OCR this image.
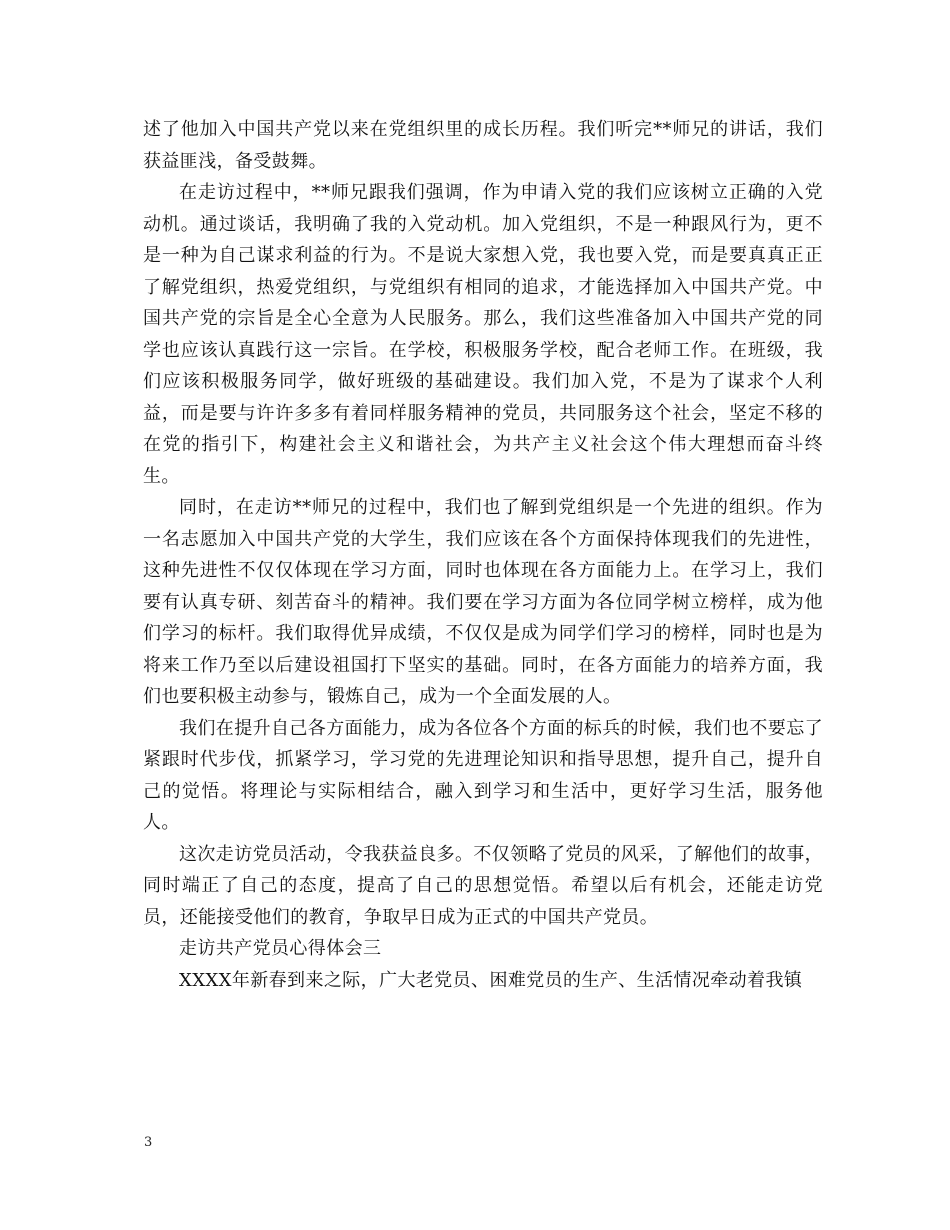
述了他加入中国共产党以来在党组织里的成长历程。我们听完**师兄的讲话，我们获益匪浅，备受鼓舞。

在走访过程中，**师兄跟我们强调，作为申请入党的我们应该树立正确的入党动机。通过谈话，我明确了我的入党动机。加入党组织，不是一种跟风行为，更不是一种为自己谋求利益的行为。不是说大家想入党，我也要入党，而是要真真正正了解党组织，热爱党组织，与党组织有相同的追求，才能选择加入中国共产党。中国共产党的宗旨是全心全意为人民服务。那么，我们这些准备加入中国共产党的同学也应该认真践行这一宗旨。在学校，积极服务学校，配合老师工作。在班级，我们应该积极服务同学，做好班级的基础建设。我们加入党，不是为了谋求个人利益，而是要与许许多多有着同样服务精神的党员，共同服务这个社会，坚定不移的在党的指引下，构建社会主义和谐社会，为共产主义社会这个伟大理想而奋斗终生。

同时，在走访**师兄的过程中，我们也了解到党组织是一个先进的组织。作为一名志愿加入中国共产党的大学生，我们应该在各个方面保持体现我们的先进性，这种先进性不仅仅体现在学习方面，同时也体现在各方面能力上。在学习上，我们要有认真专研、刻苦奋斗的精神。我们要在学习方面为各位同学树立榜样，成为他们学习的标杆。我们取得优异成绩，不仅仅是成为同学们学习的榜样，同时也是为将来工作乃至以后建设祖国打下坚实的基础。同时，在各方面能力的培养方面，我们也要积极主动参与，锻炼自己，成为一个全面发展的人。

我们在提升自己各方面能力，成为各位各个方面的标兵的时候，我们也不要忘了紧跟时代步伐，抓紧学习，学习党的先进理论知识和指导思想，提升自己，提升自己的觉悟。将理论与实际相结合，融入到学习和生活中，更好学习生活，服务他人。

这次走访党员活动，令我获益良多。不仅领略了党员的风采，了解他们的故事，同时端正了自己的态度，提高了自己的思想觉悟。希望以后有机会，还能走访党员，还能接受他们的教育，争取早日成为正式的中国共产党员。

走访共产党员心得体会三

XXXX年新春到来之际，广大老党员、困难党员的生产、生活情况牵动着我镇

3
